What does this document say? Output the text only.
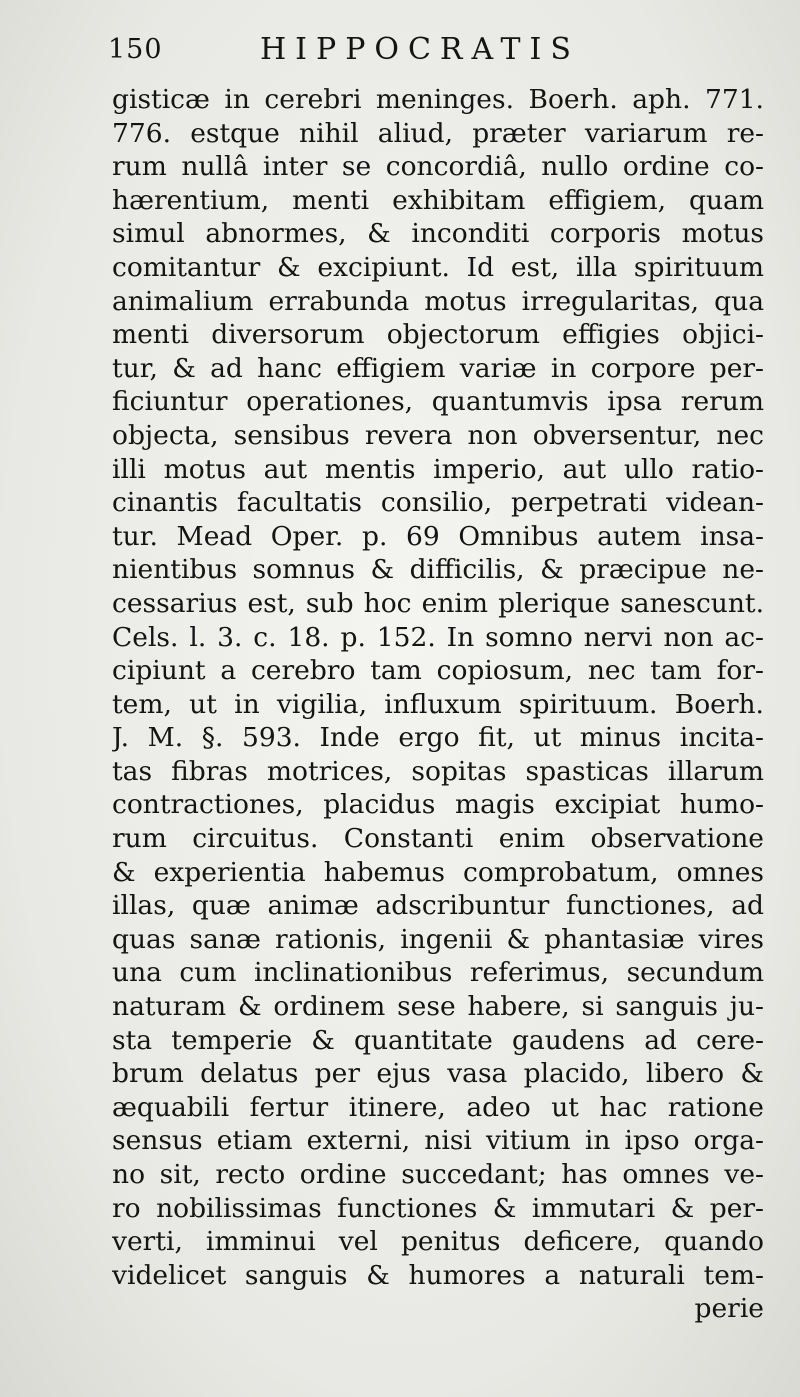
150	HIPPOCRATIS
gisticæ in cerebri meninges. Boerh. aph. 771.
776. estque nihil aliud, præter variarum re-
rum nullâ inter se concordiâ, nullo ordine co-
hærentium, menti exhibitam effigiem, quam
simul abnormes, & inconditi corporis motus
comitantur & excipiunt. Id est, illa spirituum
animalium errabunda motus irregularitas, qua
menti diversorum objectorum effigies objici-
tur, & ad hanc effigiem variæ in corpore per-
ficiuntur operationes, quantumvis ipsa rerum
objecta, sensibus revera non obversentur, nec
illi motus aut mentis imperio, aut ullo ratio-
cinantis facultatis consilio, perpetrati videan-
tur. Mead Oper. p. 69 Omnibus autem insa-
nientibus somnus & difficilis, & præcipue ne-
cessarius est, sub hoc enim plerique sanescunt.
Cels. l. 3. c. 18. p. 152. In somno nervi non ac-
cipiunt a cerebro tam copiosum, nec tam for-
tem, ut in vigilia, influxum spirituum. Boerh.
J. M. §. 593. Inde ergo fit, ut minus incita-
tas fibras motrices, sopitas spasticas illarum
contractiones, placidus magis excipiat humo-
rum circuitus. Constanti enim observatione
& experientia habemus comprobatum, omnes
illas, quæ animæ adscribuntur functiones, ad
quas sanæ rationis, ingenii & phantasiæ vires
una cum inclinationibus referimus, secundum
naturam & ordinem sese habere, si sanguis ju-
sta temperie & quantitate gaudens ad cere-
brum delatus per ejus vasa placido, libero &
æquabili fertur itinere, adeo ut hac ratione
sensus etiam externi, nisi vitium in ipso orga-
no sit, recto ordine succedant; has omnes ve-
ro nobilissimas functiones & immutari & per-
verti, imminui vel penitus deficere, quando
videlicet sanguis & humores a naturali tem-
perie
